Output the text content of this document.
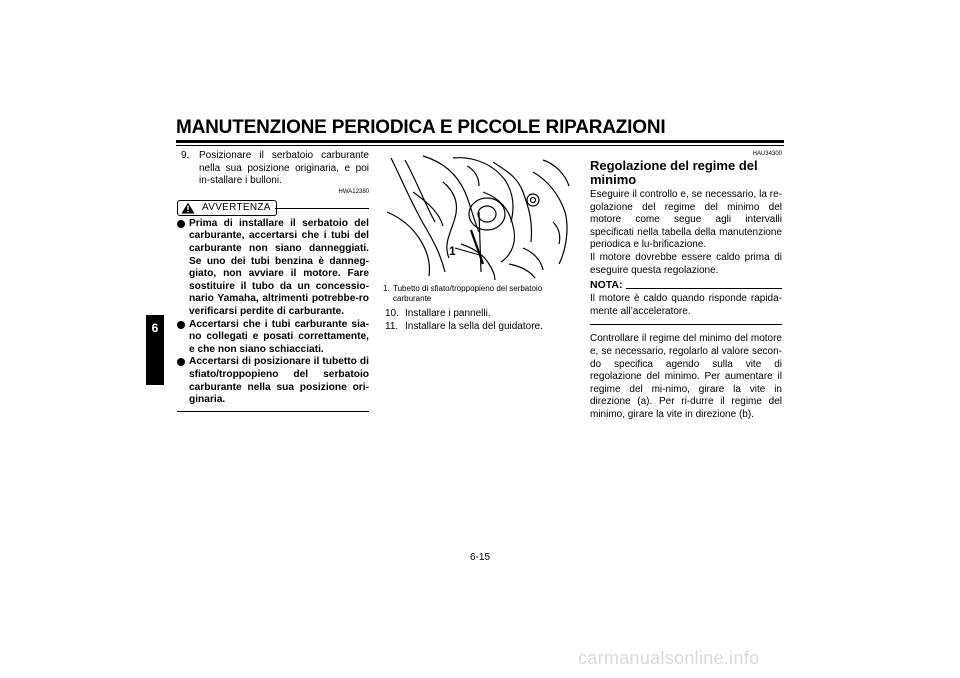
MANUTENZIONE PERIODICA E PICCOLE RIPARAZIONI
6
9. Posizionare il serbatoio carburante nella sua posizione originaria, e poi in-stallare i bulloni.
HWA12380
AVVERTENZA
Prima di installare il serbatoio del carburante, accertarsi che i tubi del carburante non siano danneggiati. Se uno dei tubi benzina è danneg-giato, non avviare il motore. Fare sostituire il tubo da un concessio-nario Yamaha, altrimenti potrebbe-ro verificarsi perdite di carburante.
Accertarsi che i tubi carburante sia-no collegati e posati correttamente, e che non siano schiacciati.
Accertarsi di posizionare il tubetto di sfiato/troppopieno del serbatoio carburante nella sua posizione ori-ginaria.
1
1. Tubetto di sfiato/troppopieno del serbatoio carburante
10. Installare i pannelli.
11. Installare la sella del guidatore.
HAU34300
Regolazione del regime del minimo
Eseguire il controllo e, se necessario, la re-golazione del regime del minimo del motore come segue agli intervalli specificati nella tabella della manutenzione periodica e lu-brificazione.
Il motore dovrebbe essere caldo prima di eseguire questa regolazione.
NOTA:
Il motore è caldo quando risponde rapida-mente all’acceleratore.
Controllare il regime del minimo del motore e, se necessario, regolarlo al valore secon-do specifica agendo sulla vite di regolazione del minimo. Per aumentare il regime del mi-nimo, girare la vite in direzione (a). Per ri-durre il regime del minimo, girare la vite in direzione (b).
6-15
carmanualsonline.info
